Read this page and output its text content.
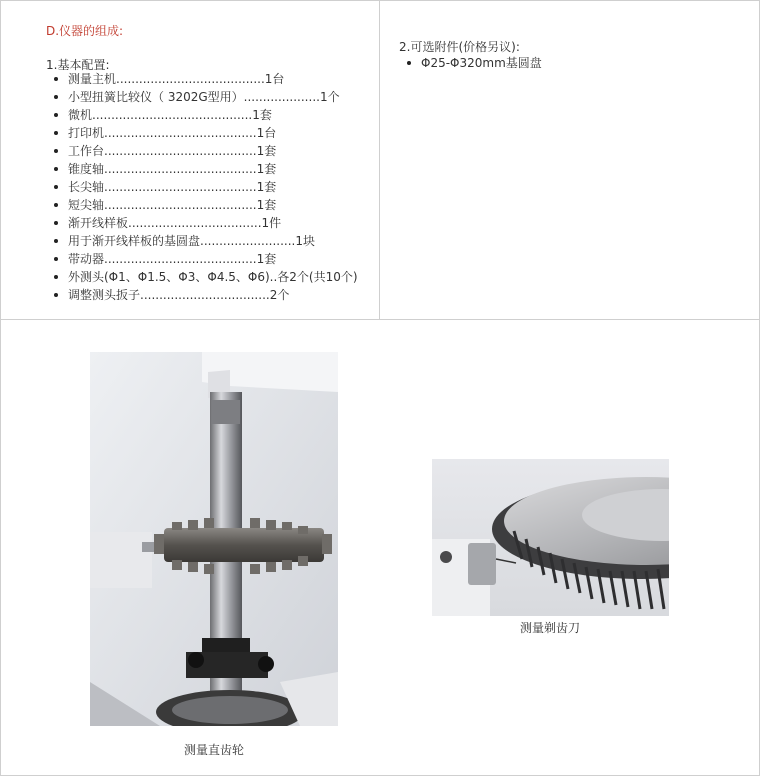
D.仪器的组成:
1.基本配置:
测量主机.......................................1台
小型扭簧比较仪（ 3202G型用）....................1个
微机..........................................1套
打印机........................................1台
工作台........................................1套
锥度轴........................................1套
长尖轴........................................1套
短尖轴........................................1套
渐开线样板...................................1件
用于渐开线样板的基圆盘.........................1块
带动器........................................1套
外测头(Φ1、Φ1.5、Φ3、Φ4.5、Φ6)..各2个(共10个)
调整测头扳子..................................2个
2.可选附件(价格另议):
Φ25-Φ320mm基圆盘
测量直齿轮
测量剃齿刀
